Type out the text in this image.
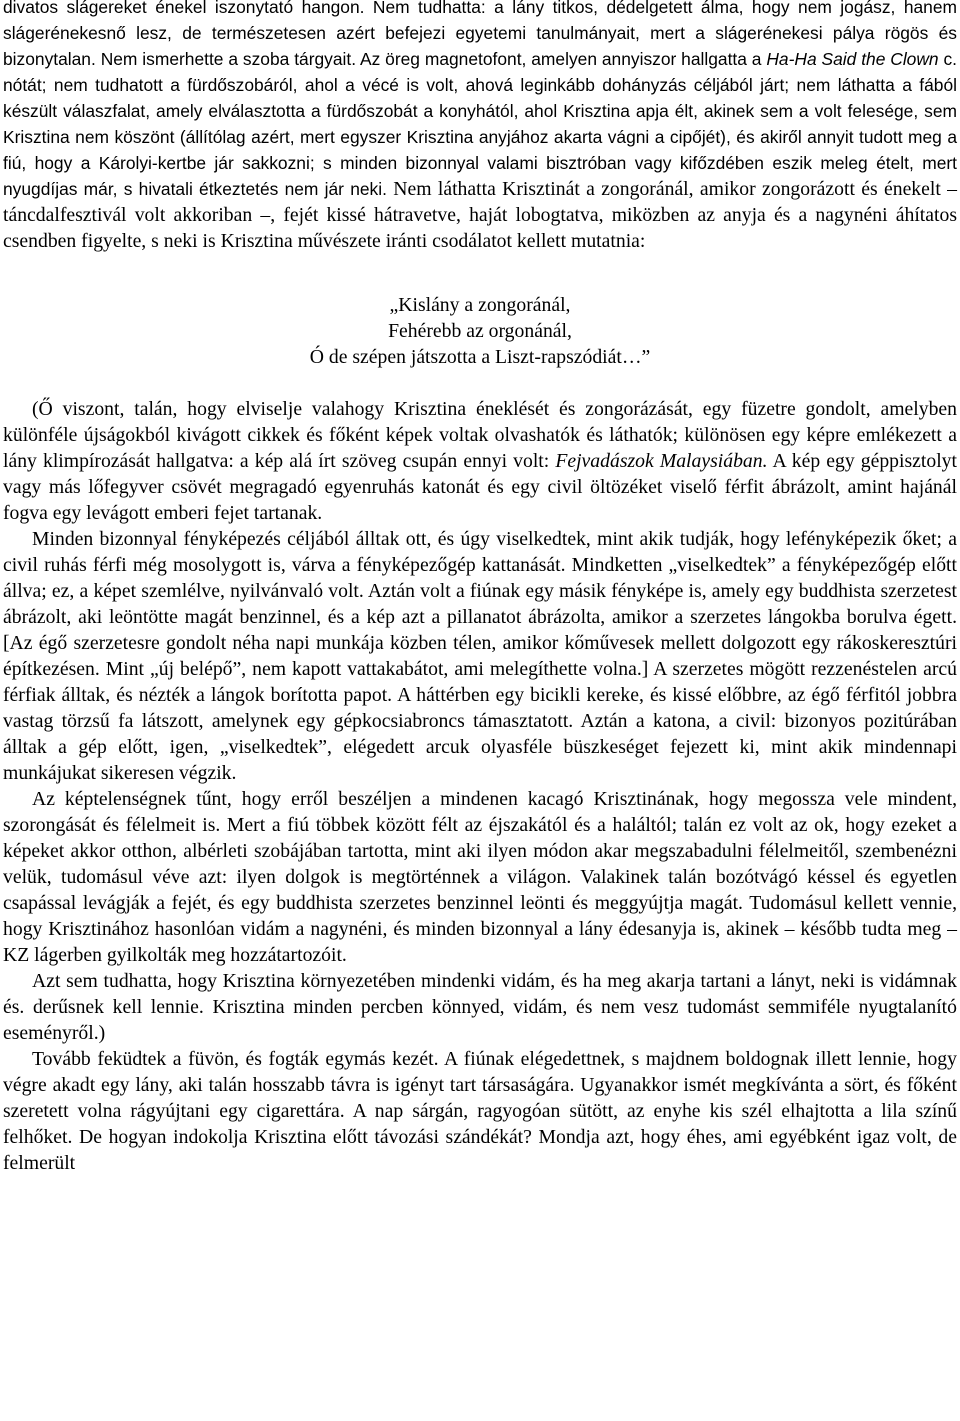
divatos slágereket énekel iszonytató hangon. Nem tudhatta: a lány titkos, dédelgetett álma, hogy nem jogász, hanem slágerénekesnő lesz, de természetesen azért befejezi egyetemi tanulmányait, mert a slágerénekesi pálya rögös és bizonytalan. Nem ismerhette a szoba tárgyait. Az öreg magnetofont, amelyen annyiszor hallgatta a Ha-Ha Said the Clown c. nótát; nem tudhatott a fürdőszobáról, ahol a vécé is volt, ahová leginkább dohányzás céljából járt; nem láthatta a fából készült válaszfalat, amely elválasztotta a fürdőszobát a konyhától, ahol Krisztina apja élt, akinek sem a volt felesége, sem Krisztina nem köszönt (állítólag azért, mert egyszer Krisztina anyjához akarta vágni a cipőjét), és akiről annyit tudott meg a fiú, hogy a Károlyi-kertbe jár sakkozni; s minden bizonnyal valami bisztróban vagy kifőzdében eszik meleg ételt, mert nyugdíjas már, s hivatali étkeztetés nem jár neki. Nem láthatta Krisztinát a zongoránál, amikor zongorázott és énekelt – táncdalfesztivál volt akkoriban –, fejét kissé hátravetve, haját lobogtatva, miközben az anyja és a nagynéni áhítatos csendben figyelte, s neki is Krisztina művészete iránti csodálatot kellett mutatnia:

„Kislány a zongoránál,
Fehérebb az orgonánál,
Ó de szépen játszotta a Liszt-rapszódiát…”

(Ő viszont, talán, hogy elviselje valahogy Krisztina éneklését és zongorázását, egy füzetre gondolt, amelyben különféle újságokból kivágott cikkek és főként képek voltak olvashatók és láthatók; különösen egy képre emlékezett a lány klimpírozását hallgatva: a kép alá írt szöveg csupán ennyi volt: Fejvadászok Malaysiában. A kép egy géppisztolyt vagy más lőfegyver csövét megragadó egyenruhás katonát és egy civil öltözéket viselő férfit ábrázolt, amint hajánál fogva egy levágott emberi fejet tartanak.

Minden bizonnyal fényképezés céljából álltak ott, és úgy viselkedtek, mint akik tudják, hogy lefényképezik őket; a civil ruhás férfi még mosolygott is, várva a fényképezőgép kattanását. Mindketten „viselkedtek” a fényképezőgép előtt állva; ez, a képet szemlélve, nyilvánvaló volt. Aztán volt a fiúnak egy másik fényképe is, amely egy buddhista szerzetest ábrázolt, aki leöntötte magát benzinnel, és a kép azt a pillanatot ábrázolta, amikor a szerzetes lángokba borulva égett. [Az égő szerzetesre gondolt néha napi munkája közben télen, amikor kőművesek mellett dolgozott egy rákoskeresztúri építkezésen. Mint „új belépő”, nem kapott vattakabátot, ami melegíthette volna.] A szerzetes mögött rezzenéstelen arcú férfiak álltak, és nézték a lángok borította papot. A háttérben egy bicikli kereke, és kissé előbbre, az égő férfitól jobbra vastag törzsű fa látszott, amelynek egy gépkocsiabroncs támasztatott. Aztán a katona, a civil: bizonyos pozitúrában álltak a gép előtt, igen, „viselkedtek”, elégedett arcuk olyasféle büszkeséget fejezett ki, mint akik mindennapi munkájukat sikeresen végzik.

Az képtelenségnek tűnt, hogy erről beszéljen a mindenen kacagó Krisztinának, hogy megossza vele mindent, szorongását és félelmeit is. Mert a fiú többek között félt az éjszakától és a haláltól; talán ez volt az ok, hogy ezeket a képeket akkor otthon, albérleti szobájában tartotta, mint aki ilyen módon akar megszabadulni félelmeitől, szembenézni velük, tudomásul véve azt: ilyen dolgok is megtörténnek a világon. Valakinek talán bozótvágó késsel és egyetlen csapással levágják a fejét, és egy buddhista szerzetes benzinnel leönti és meggyújtja magát. Tudomásul kellett vennie, hogy Krisztinához hasonlóan vidám a nagynéni, és minden bizonnyal a lány édesanyja is, akinek – később tudta meg – KZ lágerben gyilkolták meg hozzátartozóit.

Azt sem tudhatta, hogy Krisztina környezetében mindenki vidám, és ha meg akarja tartani a lányt, neki is vidámnak és. derűsnek kell lennie. Krisztina minden percben könnyed, vidám, és nem vesz tudomást semmiféle nyugtalanító eseményről.)

Tovább feküdtek a füvön, és fogták egymás kezét. A fiúnak elégedettnek, s majdnem boldognak illett lennie, hogy végre akadt egy lány, aki talán hosszabb távra is igényt tart társaságára. Ugyanakkor ismét megkívánta a sört, és főként szeretett volna rágyújtani egy cigarettára. A nap sárgán, ragyogóan sütött, az enyhe kis szél elhajtotta a lila színű felhőket. De hogyan indokolja Krisztina előtt távozási szándékát? Mondja azt, hogy éhes, ami egyébként igaz volt, de felmerült
